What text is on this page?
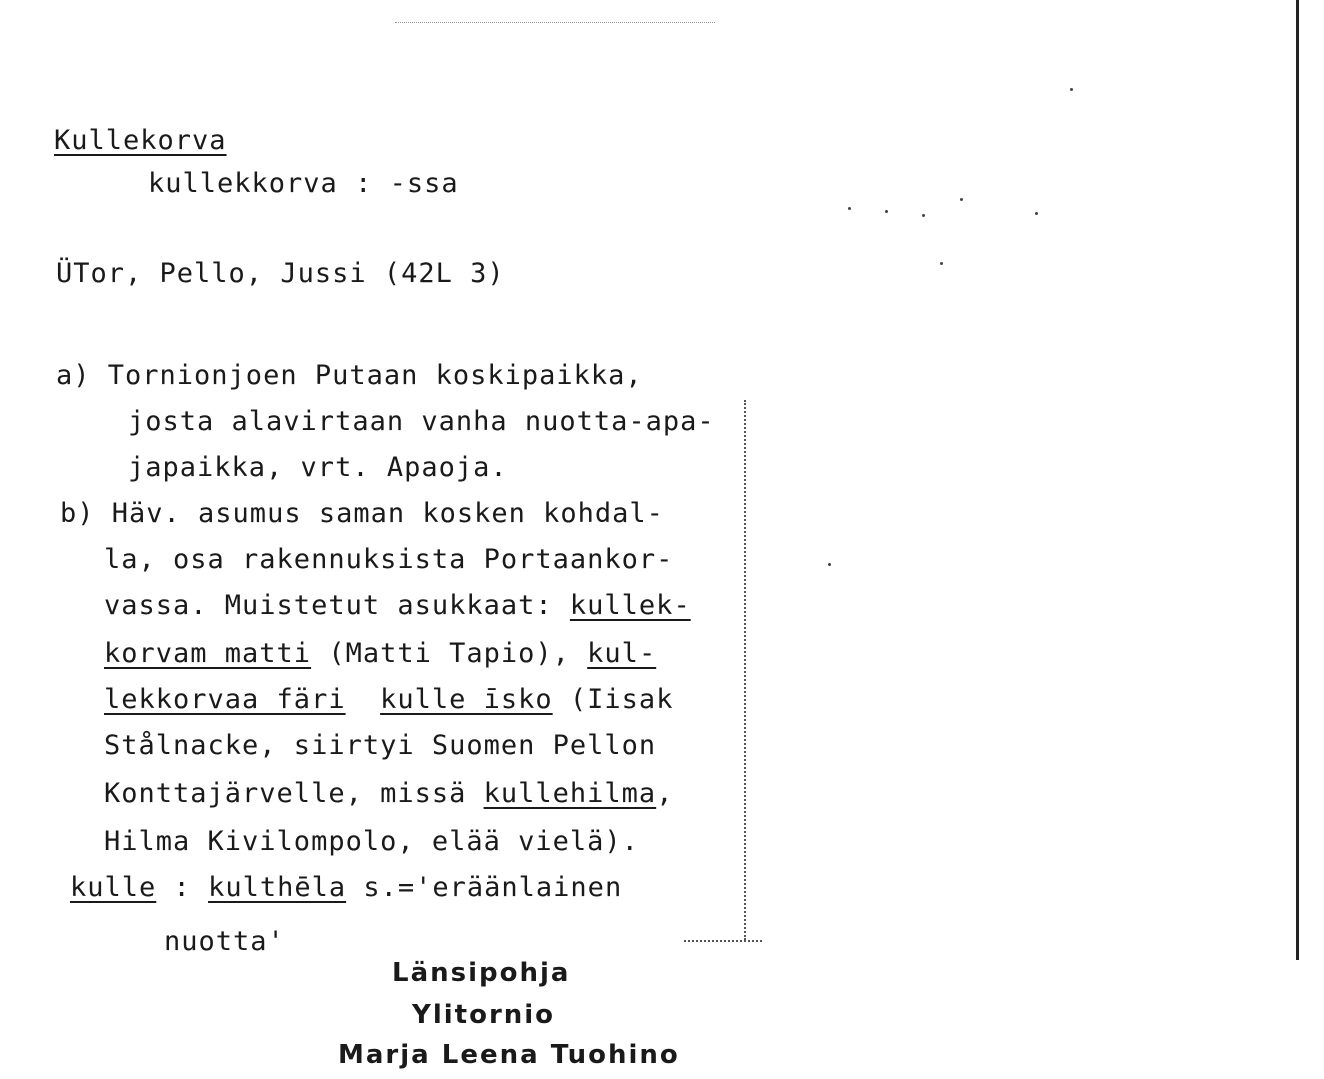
Kullekorva
kullekkorva : -ssa
ÜTor, Pello, Jussi (42L 3)
a) Tornionjoen Putaan koskipaikka,
josta alavirtaan vanha nuotta-apa-
japaikka, vrt. Apaoja.
b) Häv. asumus saman kosken kohdal-
la, osa rakennuksista Portaankor-
vassa. Muistetut asukkaat: kullek-
korvam matti (Matti Tapio), kul-
lekkorvaa färi kulle īsko (Iisak
Stålnacke, siirtyi Suomen Pellon
Konttajärvelle, missä kullehilma,
Hilma Kivilompolo, elää vielä).
kulle : kulthēla s.='eräänlainen
nuotta'
Länsipohja
Ylitornio
Marja Leena Tuohino
